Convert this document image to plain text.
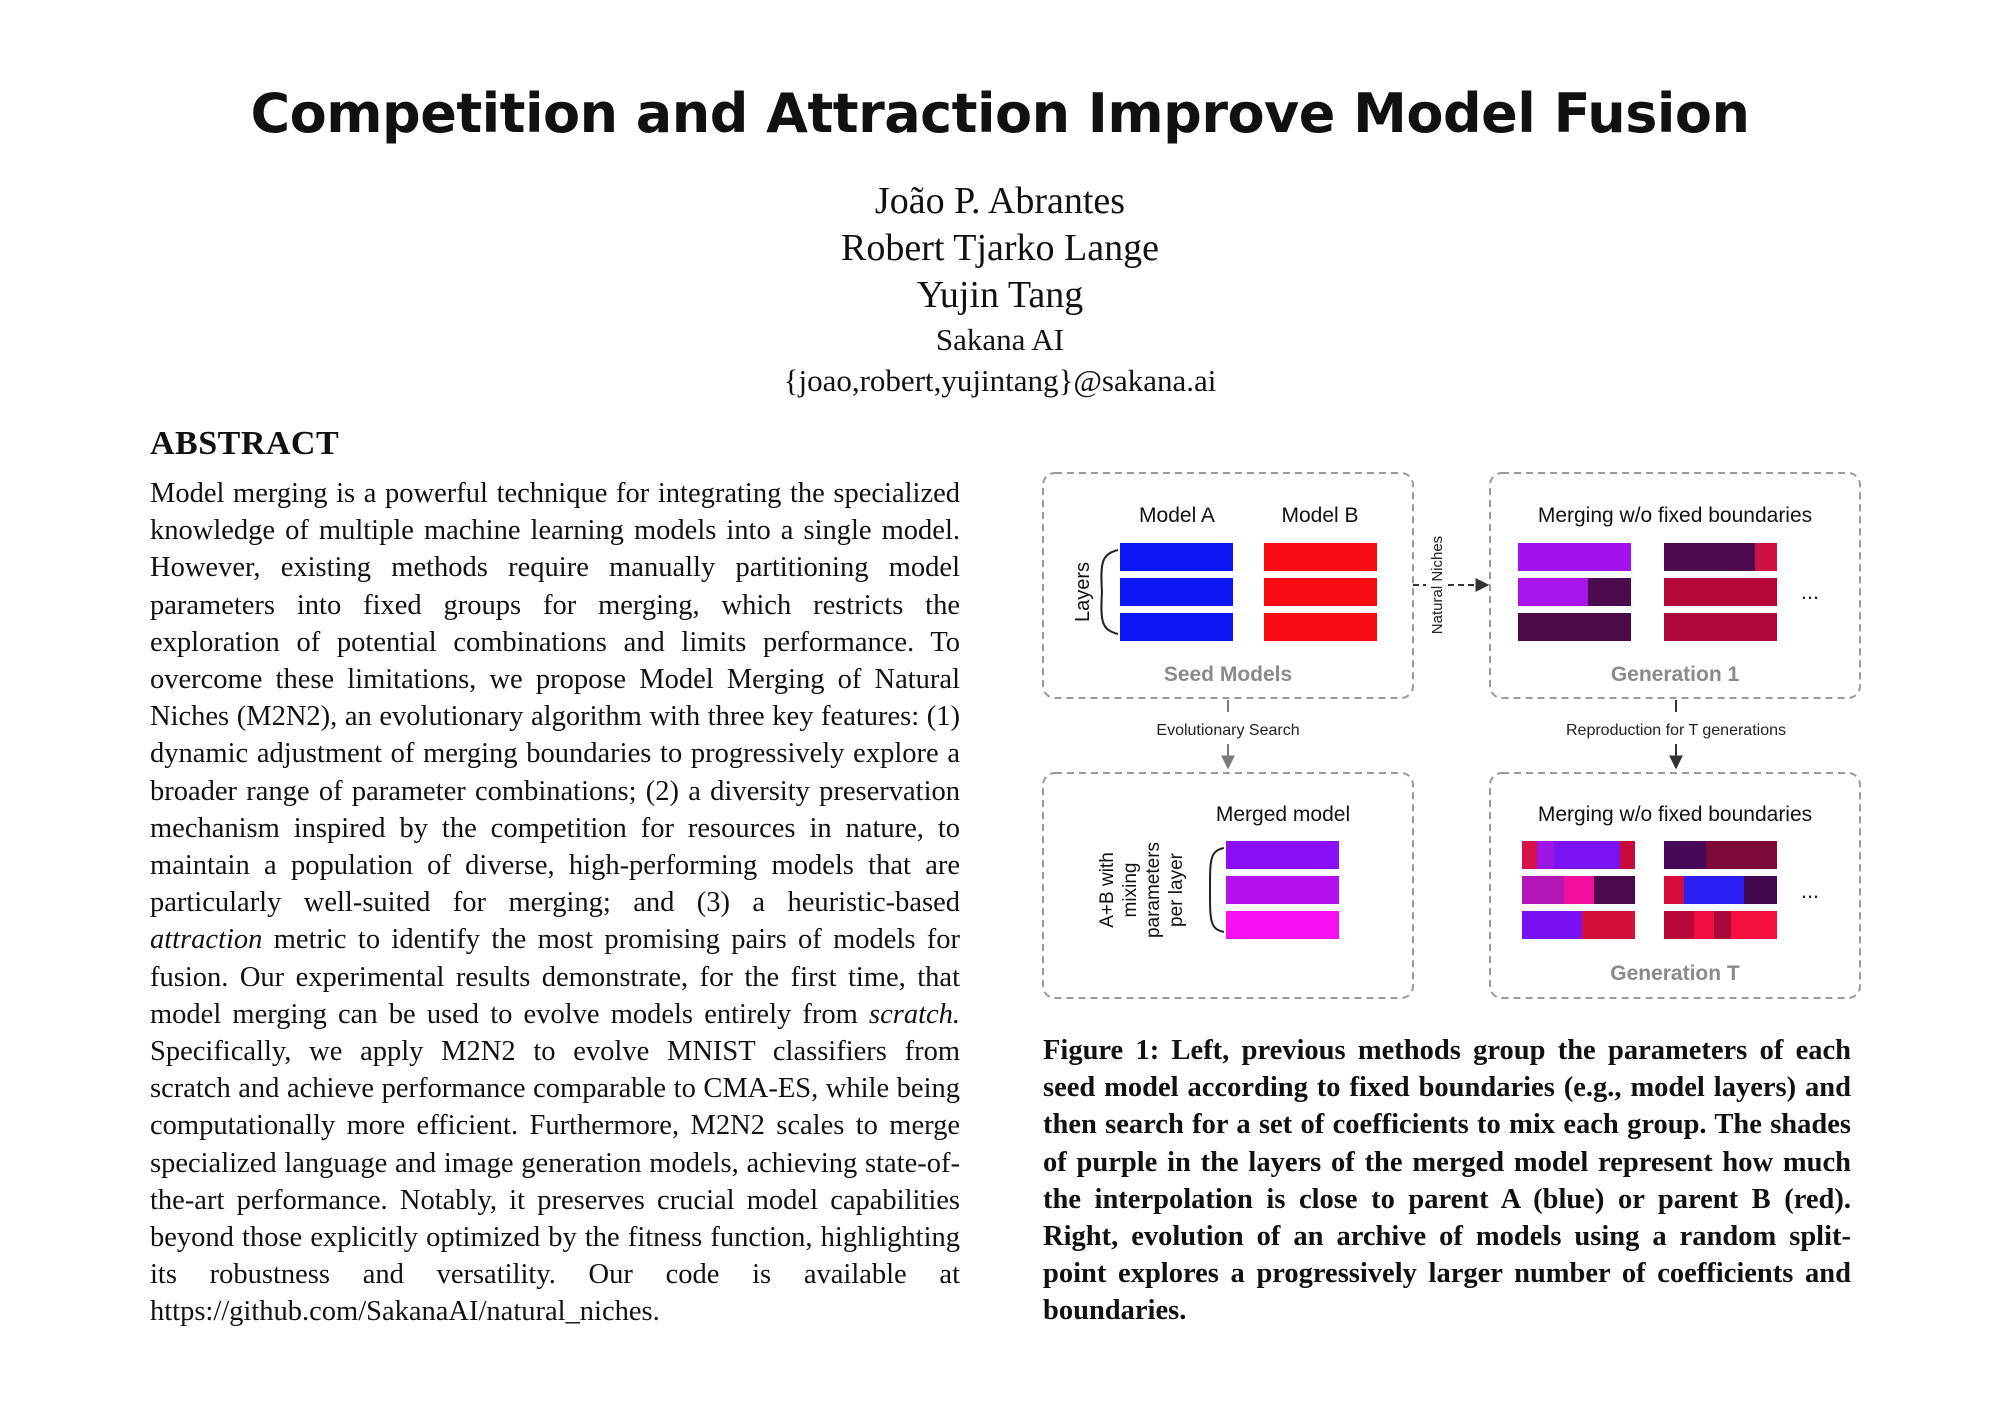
Competition and Attraction Improve Model Fusion
João P. Abrantes
Robert Tjarko Lange
Yujin Tang
Sakana AI
{joao,robert,yujintang}@sakana.ai
ABSTRACT
Model merging is a powerful technique for integrating the specialized knowledge of multiple machine learning models into a single model. However, existing methods require manually partitioning model parameters into fixed groups for merging, which restricts the exploration of potential combinations and limits performance. To overcome these limitations, we propose Model Merging of Natural Niches (M2N2), an evolutionary algorithm with three key features: (1) dynamic adjustment of merging boundaries to progressively explore a broader range of parameter combinations; (2) a diversity preservation mechanism inspired by the competition for resources in nature, to maintain a population of diverse, high-performing models that are particularly well-suited for merging; and (3) a heuristic-based attraction metric to identify the most promising pairs of models for fusion. Our experimental results demonstrate, for the first time, that model merging can be used to evolve models entirely from scratch. Specifically, we apply M2N2 to evolve MNIST classifiers from scratch and achieve performance comparable to CMA-ES, while being computationally more efficient. Furthermore, M2N2 scales to merge specialized language and image generation models, achieving state-of-the-art performance. Notably, it preserves crucial model capabilities beyond those explicitly optimized by the fitness function, highlighting its robustness and versatility. Our code is available at https://github.com/SakanaAI/natural_niches.
Model A	Model B
Layers
Seed Models
Natural Niches
Merging w/o fixed boundaries
...
Generation 1
Evolutionary Search	Reproduction for T generations
Merged model
A+B with mixing parameters per layer
Merging w/o fixed boundaries
...
Generation T
Figure 1: Left, previous methods group the parameters of each seed model according to fixed boundaries (e.g., model layers) and then search for a set of coefficients to mix each group. The shades of purple in the layers of the merged model represent how much the interpolation is close to parent A (blue) or parent B (red). Right, evolution of an archive of models using a random split-point explores a progressively larger number of coefficients and boundaries.
